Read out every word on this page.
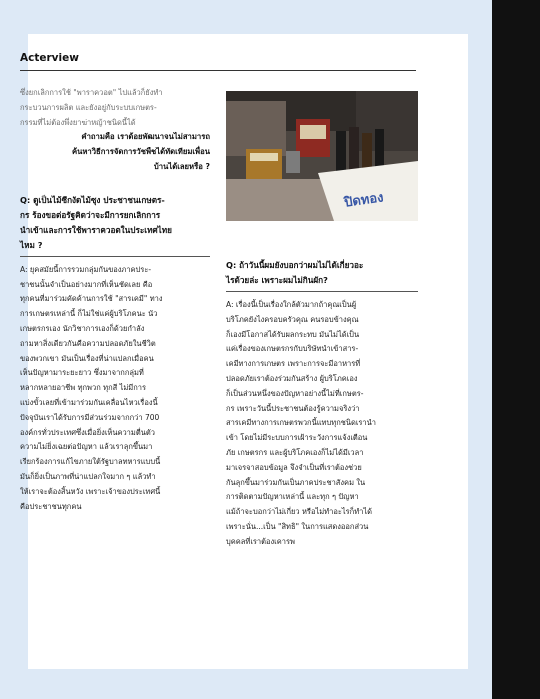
Acterview

ซึ่งยกเลิกการใช้ "พาราควอต" ไปแล้วก็ยังทำ

กระบวนการผลิต และยังอยู่กับระบบเกษตร-

กรรมที่ไม่ต้องพึ่งยาฆ่าหญ้าชนิดนี้ได้

คำถามคือ เราด้อยพัฒนาจนไม่สามารถ

ค้นหาวิธีการจัดการวัชพืชได้ทัดเทียมเพื่อน

บ้านได้เลยหรือ ?

Q: ดูเป็นไม้ซีกงัดไม้ซุง ประชาชนเกษตร-

กร ร้องขอต่อรัฐคิดว่าจะมีการยกเลิกการ

นำเข้าและการใช้พาราควอตในประเทศไทย

ไหม ?

A: ยุคสมัยนี้การรวมกลุ่มกันของภาคประ-

ชาชนนั้นจำเป็นอย่างมากที่เห็นชัดเลย คือ

ทุกคนที่มาร่วมคัดค้านการใช้ "สารเคมี" ทาง

การเกษตรเหล่านี้ ก็ไม่ใช่แค่ผู้บริโภคนะ นัว

เกษตรกรเอง นักวิชาการเองก็ด้วยกำลัง

ถามหาสิ่งเดียวกันคือความปลอดภัยในชีวิต

ของพวกเขา มันเป็นเรื่องที่น่าแปลกเมื่อคน

เห็นปัญหามาระยะยาว ซึ่งมาจากกลุ่มที่

หลากหลายอาชีพ ทุกพวก ทุกสี ไม่มีการ

แบ่งขั้วเลยที่เข้ามาร่วมกันเคลื่อนไหวเรื่องนี้

ปัจจุบันเราได้รับการมีส่วนร่วมจากกว่า 700

องค์กรทั่วประเทศซึ่งเมื่อยิ่งเห็นความตื่นตัว

ความไม่ยิ่งเฉยต่อปัญหา แล้วเราลุกขึ้นมา

เรียกร้องการแก้ไขภายใต้รัฐบาลทหารแบบนี้

มันก็ยิ่งเป็นภาพที่น่าแปลกใจมาก ๆ แล้วทำ

ให้เราจะต้องสิ้นหวัง เพราะเจ้าของประเทศนี้

คือประชาชนทุกคน

ปิดทอง

Q: ถ้าวันนี้ผมยังบอกว่าผมไม่ได้เกี่ยวอะ

ไรด้วยล่ะ เพราะผมไม่กินผัก?

A: เรื่องนี้เป็นเรื่องใกล้ตัวมากถ้าคุณเป็นผู้

บริโภคยังไงครอบครัวคุณ คนรอบข้างคุณ

ก็เองมีโอกาสได้รับผลกระทบ มันไม่ได้เป็น

แค่เรื่องของเกษตรกรกับบริษัทนำเข้าสาร-

เคมีทางการเกษตร เพราะการจะมีอาหารที่

ปลอดภัยเราต้องร่วมกันสร้าง ผู้บริโภคเอง

ก็เป็นส่วนหนึ่งของปัญหาอย่างนี้ไม่ที่เกษตร-

กร เพราะวันนี้ประชาชนต้องรู้ความจริงว่า

สารเคมีทางการเกษตรพวกนี้แทบทุกชนิดเรานำ

เข้า โดยไม่มีระบบการเฝ้าระวังการแจ้งเตือน

ภัย เกษตรกร และผู้บริโภคเองก็ไม่ได้มีเวลา

มาเจรจาสอบข้อมูล จึงจำเป็นที่เราต้องช่วย

กันลุกขึ้นมาร่วมกันเป็นภาคประชาสังคม ใน

การติดตามปัญหาเหล่านี้ และทุก ๆ ปัญหา

แม้ถ้าจะบอกว่าไม่เกี่ยว หรือไม่ทำอะไรก็ทำได้

เพราะนั่น...เป็น "สิทธิ" ในการแสดงออกส่วน

บุคคลที่เราต้องเคารพ
